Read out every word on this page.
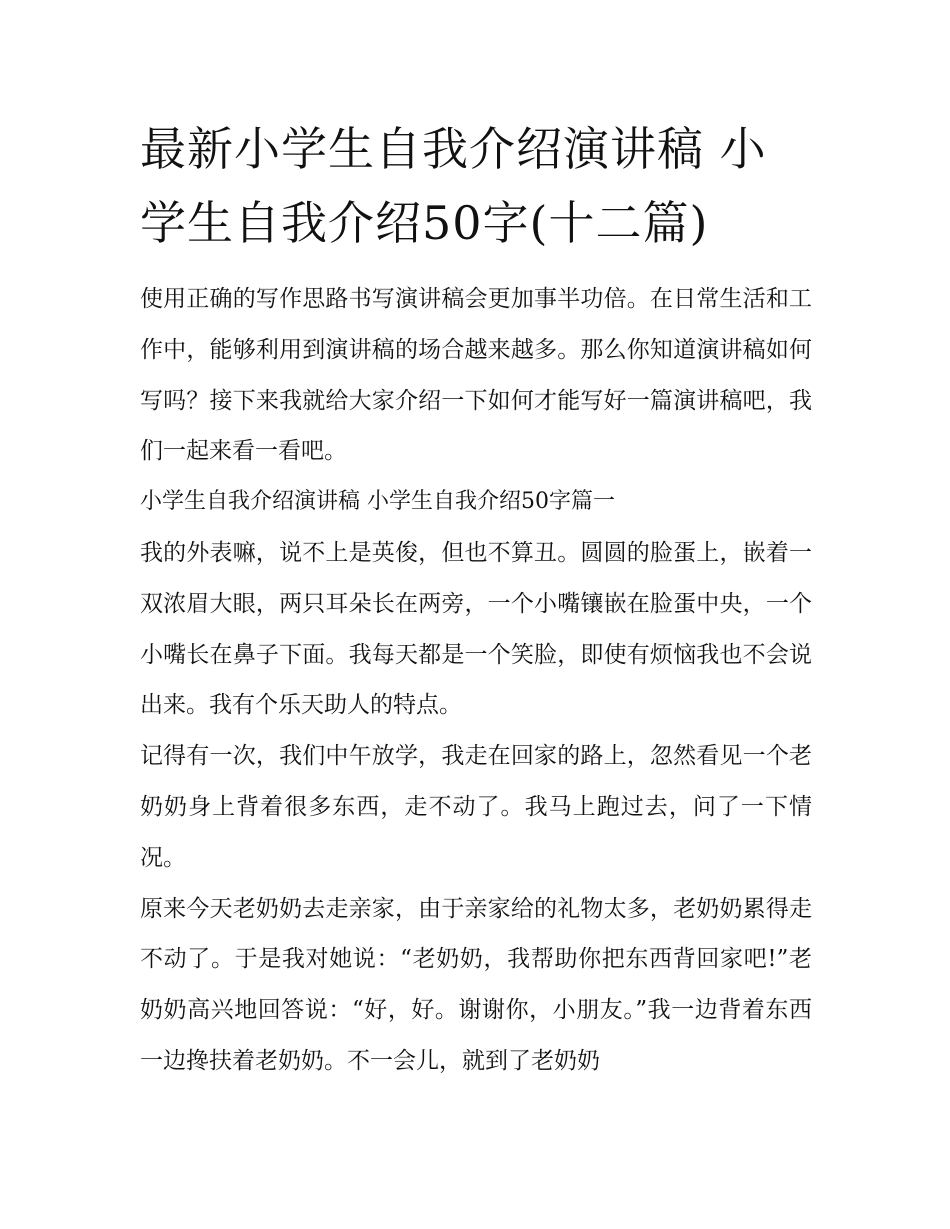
最新小学生自我介绍演讲稿 小学生自我介绍50字(十二篇)

使用正确的写作思路书写演讲稿会更加事半功倍。在日常生活和工作中，能够利用到演讲稿的场合越来越多。那么你知道演讲稿如何写吗？接下来我就给大家介绍一下如何才能写好一篇演讲稿吧，我们一起来看一看吧。

小学生自我介绍演讲稿 小学生自我介绍50字篇一

我的外表嘛，说不上是英俊，但也不算丑。圆圆的脸蛋上，嵌着一双浓眉大眼，两只耳朵长在两旁，一个小嘴镶嵌在脸蛋中央，一个小嘴长在鼻子下面。我每天都是一个笑脸，即使有烦恼我也不会说出来。我有个乐天助人的特点。

记得有一次，我们中午放学，我走在回家的路上，忽然看见一个老奶奶身上背着很多东西，走不动了。我马上跑过去，问了一下情况。

原来今天老奶奶去走亲家，由于亲家给的礼物太多，老奶奶累得走不动了。于是我对她说：“老奶奶，我帮助你把东西背回家吧!”老奶奶高兴地回答说：“好，好。谢谢你，小朋友。”我一边背着东西一边搀扶着老奶奶。不一会儿，就到了老奶奶
